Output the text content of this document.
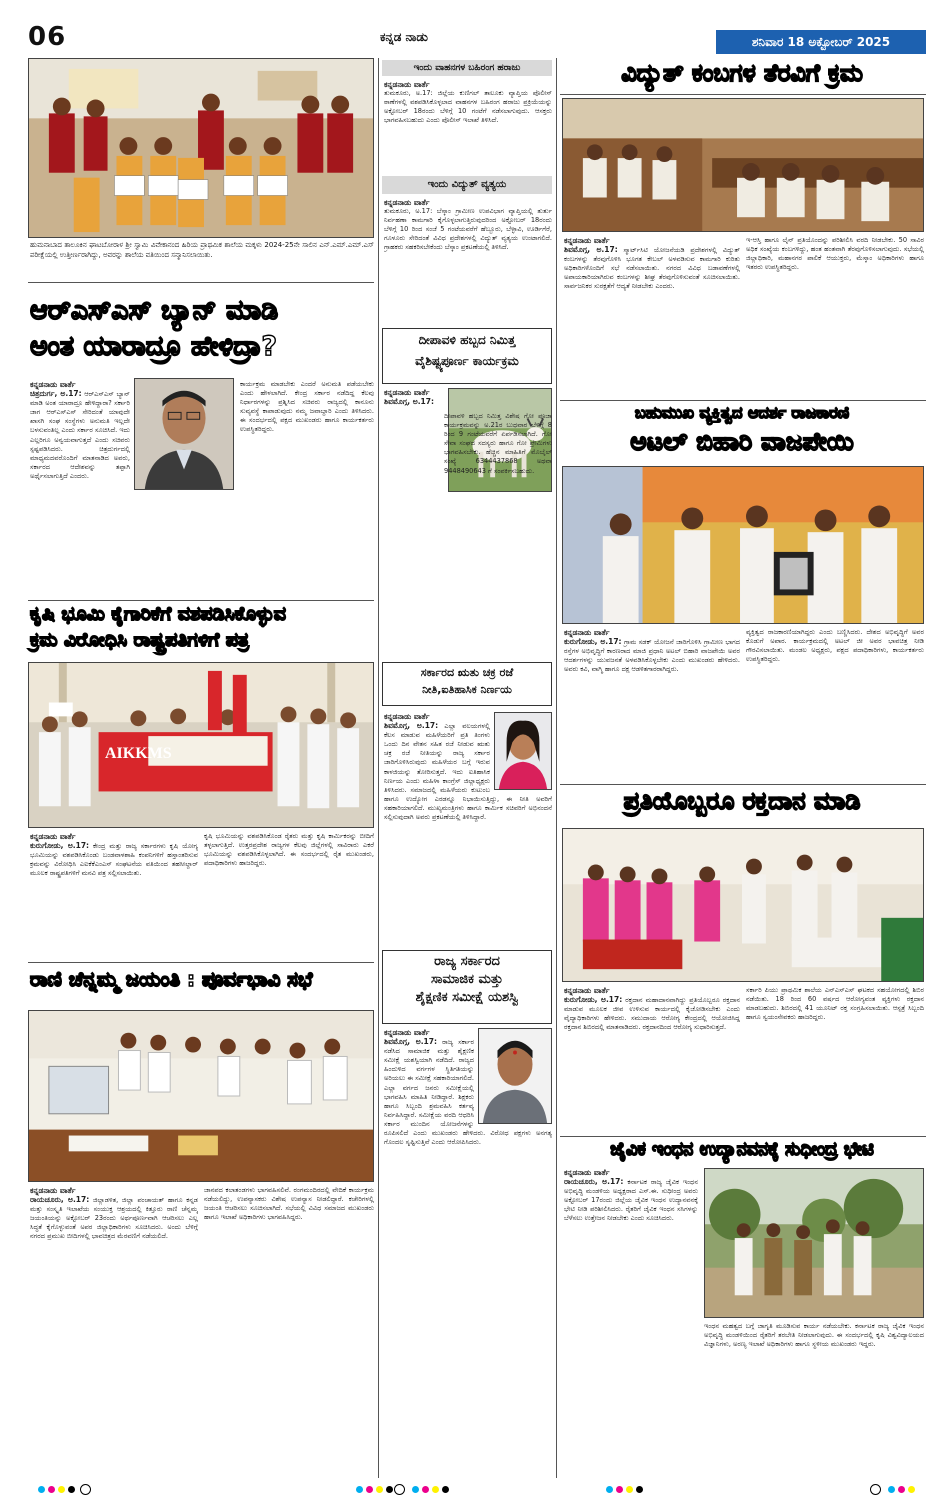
06	ಕನ್ನಡ ನಾಡು	ಶನಿವಾರ 18 ಅಕ್ಟೋಬರ್ 2025
ಹುಮನಾಬಾದ ತಾಲೂಕಿನ ಘಾಟಬೋರಾಳ ಶ್ರೀ ಸ್ವಾಮಿ ವಿವೇಕಾನಂದ ಹಿರಿಯ ಪ್ರಾಥಮಿಕ ಶಾಲೆಯ ಮಕ್ಕಳು 2024-25ನೇ ಸಾಲಿನ ಎನ್.ಎಮ್.ಎಮ್.ಎಸ್ ಪರೀಕ್ಷೆಯಲ್ಲಿ ಉತ್ತೀರ್ಣರಾಗಿದ್ದು, ಅವರನ್ನು ಶಾಲೆಯ ವತಿಯಿಂದ ಸನ್ಮಾನಿಸಲಾಯಿತು.
ಆರ್‌ಎಸ್‌ಎಸ್ ಬ್ಯಾನ್ ಮಾಡಿ
ಅಂತ ಯಾರಾದ್ರೂ ಹೇಳಿದ್ರಾ?
ಕನ್ನಡನಾಡು ವಾರ್ತೆ
ಚಿತ್ರದುರ್ಗ, ಅ.17: ಆರ್‌ಎಸ್‌ಎಸ್ ಬ್ಯಾನ್ ಮಾಡಿ ಅಂತ ಯಾರಾದ್ರೂ ಹೇಳಿದ್ದಾರಾ? ಸರ್ಕಾರಿ ಜಾಗ ಆರ್‌ಎಸ್‌ಎಸ್ ಸೇರಿದಂತೆ ಯಾವುದೇ ಖಾಸಗಿ ಸಂಘ ಸಂಸ್ಥೆಗಳು ಅನುಮತಿ ಇಲ್ಲದೇ ಬಳಸುವಂತಿಲ್ಲ ಎಂದು ಸರ್ಕಾರ ಸೂಚಿಸಿದೆ. ಇದು ಎಲ್ಲರಿಗೂ ಅನ್ವಯವಾಗುತ್ತದೆ ಎಂದು ಸಚಿವರು ಸ್ಪಷ್ಟಪಡಿಸಿದರು. ಚಿತ್ರದುರ್ಗದಲ್ಲಿ ಮಾಧ್ಯಮದವರೊಂದಿಗೆ ಮಾತನಾಡಿದ ಅವರು, ಸರ್ಕಾರದ ಆದೇಶವನ್ನು ತಪ್ಪಾಗಿ ಅರ್ಥೈಸಲಾಗುತ್ತಿದೆ ಎಂದರು.
ಕಾರ್ಯಕ್ರಮ ಮಾಡಬೇಕು ಎಂದರೆ ಅನುಮತಿ ಪಡೆಯಬೇಕು ಎಂದು ಹೇಳಲಾಗಿದೆ. ಕೇಂದ್ರ ಸರ್ಕಾರ ನಡೆದಿದ್ದ ಕೆಲವು ನಿರ್ಧಾರಗಳನ್ನು ಪ್ರಶ್ನಿಸಿದ ಸಚಿವರು ರಾಜ್ಯದಲ್ಲಿ ಕಾನೂನು ಸುವ್ಯವಸ್ಥೆ ಕಾಪಾಡುವುದು ನಮ್ಮ ಜವಾಬ್ದಾರಿ ಎಂದು ತಿಳಿಸಿದರು. ಈ ಸಂದರ್ಭದಲ್ಲಿ ಪಕ್ಷದ ಮುಖಂಡರು ಹಾಗೂ ಕಾರ್ಯಕರ್ತರು ಉಪಸ್ಥಿತರಿದ್ದರು.
ಕೃಷಿ ಭೂಮಿ ಕೈಗಾರಿಕೆಗೆ ವಶಪಡಿಸಿಕೊಳ್ಳುವ
ಕ್ರಮ ವಿರೋಧಿಸಿ ರಾಷ್ಟ್ರಪತಿಗಳಿಗೆ ಪತ್ರ
AIKKMS
ಕನ್ನಡನಾಡು ವಾರ್ತೆ
ಕುರುಗೋಡು, ಅ.17: ಕೇಂದ್ರ ಮತ್ತು ರಾಜ್ಯ ಸರ್ಕಾರಗಳು ಕೃಷಿ ಯೋಗ್ಯ ಭೂಮಿಯನ್ನು ವಶಪಡಿಸಿಕೊಂಡು ಬಂಡವಾಳಶಾಹಿ ಕಂಪನಿಗಳಿಗೆ ಹಸ್ತಾಂತರಿಸುವ ಕ್ರಮವನ್ನು ವಿರೋಧಿಸಿ ಎಐಕೆಕೆಎಂಎಸ್ ಸಂಘಟನೆಯ ವತಿಯಿಂದ ತಹಸೀಲ್ದಾರ್ ಮೂಲಕ ರಾಷ್ಟ್ರಪತಿಗಳಿಗೆ ಮನವಿ ಪತ್ರ ಸಲ್ಲಿಸಲಾಯಿತು.
ಕೃಷಿ ಭೂಮಿಯನ್ನು ವಶಪಡಿಸಿಕೊಂಡ ರೈತರು ಮತ್ತು ಕೃಷಿ ಕಾರ್ಮಿಕರನ್ನು ಬೀದಿಗೆ ತಳ್ಳಲಾಗುತ್ತಿದೆ. ಉತ್ತರಪ್ರದೇಶ ರಾಜ್ಯಗಳ ಕೆಲವು ಜಿಲ್ಲೆಗಳಲ್ಲಿ ಸಾವಿರಾರು ಎಕರೆ ಭೂಮಿಯನ್ನು ವಶಪಡಿಸಿಕೊಳ್ಳಲಾಗಿದೆ. ಈ ಸಂದರ್ಭದಲ್ಲಿ ರೈತ ಮುಖಂಡರು, ಪದಾಧಿಕಾರಿಗಳು ಹಾಜರಿದ್ದರು.
ರಾಣಿ ಚೆನ್ನಮ್ಮ ಜಯಂತಿ : ಪೂರ್ವಭಾವಿ ಸಭೆ
ಕನ್ನಡನಾಡು ವಾರ್ತೆ
ರಾಯಚೂರು, ಅ.17: ಜಿಲ್ಲಾಡಳಿತ, ಜಿಲ್ಲಾ ಪಂಚಾಯತ್ ಹಾಗೂ ಕನ್ನಡ ಮತ್ತು ಸಂಸ್ಕೃತಿ ಇಲಾಖೆಯ ಸಂಯುಕ್ತ ಆಶ್ರಯದಲ್ಲಿ ಕಿತ್ತೂರು ರಾಣಿ ಚೆನ್ನಮ್ಮ ಜಯಂತಿಯನ್ನು ಅಕ್ಟೋಬರ್ 23ರಂದು ಅರ್ಥಪೂರ್ಣವಾಗಿ ಆಚರಿಸಲು ಎಲ್ಲ ಸಿದ್ಧತೆ ಕೈಗೊಳ್ಳುವಂತೆ ಅಪರ ಜಿಲ್ಲಾಧಿಕಾರಿಗಳು ಸೂಚಿಸಿದರು. ಅಂದು ಬೆಳಿಗ್ಗೆ ನಗರದ ಪ್ರಮುಖ ಬೀದಿಗಳಲ್ಲಿ ಭಾವಚಿತ್ರದ ಮೆರವಣಿಗೆ ನಡೆಯಲಿದೆ.
ಜಾನಪದ ಕಲಾತಂಡಗಳು ಭಾಗವಹಿಸಲಿವೆ. ರಂಗಮಂದಿರದಲ್ಲಿ ವೇದಿಕೆ ಕಾರ್ಯಕ್ರಮ ನಡೆಯಲಿದ್ದು, ಉಪನ್ಯಾಸಕರು ವಿಶೇಷ ಉಪನ್ಯಾಸ ನೀಡಲಿದ್ದಾರೆ. ಕಚೇರಿಗಳಲ್ಲಿ ಜಯಂತಿ ಆಚರಿಸಲು ಸೂಚಿಸಲಾಗಿದೆ. ಸಭೆಯಲ್ಲಿ ವಿವಿಧ ಸಮಾಜದ ಮುಖಂಡರು ಹಾಗೂ ಇಲಾಖೆ ಅಧಿಕಾರಿಗಳು ಭಾಗವಹಿಸಿದ್ದರು.
ಇಂದು ವಾಹನಗಳ ಬಹಿರಂಗ ಹರಾಜು
ಕನ್ನಡನಾಡು ವಾರ್ತೆ
ತುಮಕೂರು, ಅ.17: ಜಿಲ್ಲೆಯ ಕುಣಿಗಲ್ ತಾಲೂಕು ವ್ಯಾಪ್ತಿಯ ಪೊಲೀಸ್ ಠಾಣೆಗಳಲ್ಲಿ ವಶಪಡಿಸಿಕೊಳ್ಳಲಾದ ವಾಹನಗಳ ಬಹಿರಂಗ ಹರಾಜು ಪ್ರಕ್ರಿಯೆಯನ್ನು ಅಕ್ಟೋಬರ್ 18ರಂದು ಬೆಳಿಗ್ಗೆ 10 ಗಂಟೆಗೆ ನಡೆಸಲಾಗುವುದು. ಆಸಕ್ತರು ಭಾಗವಹಿಸಬಹುದು ಎಂದು ಪೊಲೀಸ್ ಇಲಾಖೆ ತಿಳಿಸಿದೆ.
ಇಂದು ವಿದ್ಯುತ್ ವ್ಯತ್ಯಯ
ಕನ್ನಡನಾಡು ವಾರ್ತೆ
ತುಮಕೂರು, ಅ.17: ಬೆಸ್ಕಾಂ ಗ್ರಾಮೀಣ ಉಪವಿಭಾಗ ವ್ಯಾಪ್ತಿಯಲ್ಲಿ ತುರ್ತು ನಿರ್ವಹಣಾ ಕಾಮಗಾರಿ ಕೈಗೊಳ್ಳಲಾಗುತ್ತಿರುವುದರಿಂದ ಅಕ್ಟೋಬರ್ 18ರಂದು ಬೆಳಿಗ್ಗೆ 10 ರಿಂದ ಸಂಜೆ 5 ಗಂಟೆಯವರೆಗೆ ಹೆಬ್ಬೂರು, ಬೆಳ್ಳಾವಿ, ಊರ್ಡಿಗೆರೆ, ಗೂಳೂರು ಸೇರಿದಂತೆ ವಿವಿಧ ಪ್ರದೇಶಗಳಲ್ಲಿ ವಿದ್ಯುತ್ ವ್ಯತ್ಯಯ ಉಂಟಾಗಲಿದೆ. ಗ್ರಾಹಕರು ಸಹಕರಿಸಬೇಕೆಂದು ಬೆಸ್ಕಾಂ ಪ್ರಕಟಣೆಯಲ್ಲಿ ತಿಳಿಸಿದೆ.
ದೀಪಾವಳಿ ಹಬ್ಬದ ನಿಮಿತ್ತ
ವೈಶಿಷ್ಟ್ಯಪೂರ್ಣ ಕಾರ್ಯಕ್ರಮ
ಕನ್ನಡನಾಡು ವಾರ್ತೆ
ಶಿವಮೊಗ್ಗ, ಅ.17:
ದೀಪಾವಳಿ ಹಬ್ಬದ ನಿಮಿತ್ತ ವಿಶೇಷ ಗೋ ಪೂಜಾ ಕಾರ್ಯಕ್ರಮವನ್ನು ಅ.21ರ ಬುಧವಾರ ಬೆಳಿಗ್ಗೆ 8 ರಿಂದ 9 ಗಂಟೆಯವರೆಗೆ ಏರ್ಪಡಿಸಲಾಗಿದೆ. ಗೋ ಸೇವಾ ಸಂಘದ ಸದಸ್ಯರು ಹಾಗೂ ಗೋ ಪ್ರೇಮಿಗಳು ಭಾಗವಹಿಸಬೇಕು. ಹೆಚ್ಚಿನ ಮಾಹಿತಿಗೆ ಮೊಬೈಲ್ ಸಂಖ್ಯೆ 6344437868 ಅಥವಾ 9448490643 ಗೆ ಸಂಪರ್ಕಿಸಬಹುದು.
ಸರ್ಕಾರದ ಋತು ಚಕ್ರ ರಜೆ
ನೀತಿ,ಐತಿಹಾಸಿಕ ನಿರ್ಣಯ
ಕನ್ನಡನಾಡು ವಾರ್ತೆ
ಶಿವಮೊಗ್ಗ, ಅ.17: ಎಲ್ಲಾ ವಲಯಗಳಲ್ಲಿ ಕೆಲಸ ಮಾಡುವ ಮಹಿಳೆಯರಿಗೆ ಪ್ರತಿ ತಿಂಗಳು ಒಂದು ದಿನ ವೇತನ ಸಹಿತ ರಜೆ ನೀಡುವ ಋತು ಚಕ್ರ ರಜೆ ನೀತಿಯನ್ನು ರಾಜ್ಯ ಸರ್ಕಾರ ಜಾರಿಗೊಳಿಸಿರುವುದು ಮಹಿಳೆಯರ ಬಗ್ಗೆ ಇರುವ ಕಾಳಜಿಯನ್ನು ತೋರಿಸುತ್ತದೆ. ಇದು ಐತಿಹಾಸಿಕ ನಿರ್ಣಯ ಎಂದು ಮಹಿಳಾ ಕಾಂಗ್ರೆಸ್ ಜಿಲ್ಲಾಧ್ಯಕ್ಷರು ತಿಳಿಸಿದರು. ಸಮಾಜದಲ್ಲಿ ಮಹಿಳೆಯರು ಕುಟುಂಬ ಹಾಗೂ ಉದ್ಯೋಗ ಎರಡನ್ನೂ ನಿಭಾಯಿಸುತ್ತಿದ್ದು, ಈ ನೀತಿ ಅವರಿಗೆ ಸಹಕಾರಿಯಾಗಲಿದೆ. ಮುಖ್ಯಮಂತ್ರಿಗಳು ಹಾಗೂ ಕಾರ್ಮಿಕ ಸಚಿವರಿಗೆ ಅಭಿನಂದನೆ ಸಲ್ಲಿಸುವುದಾಗಿ ಅವರು ಪ್ರಕಟಣೆಯಲ್ಲಿ ತಿಳಿಸಿದ್ದಾರೆ.
ರಾಜ್ಯ ಸರ್ಕಾರದ
ಸಾಮಾಜಿಕ ಮತ್ತು
ಶೈಕ್ಷಣಿಕ ಸಮೀಕ್ಷೆ ಯಶಸ್ವಿ
ಕನ್ನಡನಾಡು ವಾರ್ತೆ
ಶಿವಮೊಗ್ಗ, ಅ.17: ರಾಜ್ಯ ಸರ್ಕಾರ ನಡೆಸಿದ ಸಾಮಾಜಿಕ ಮತ್ತು ಶೈಕ್ಷಣಿಕ ಸಮೀಕ್ಷೆ ಯಶಸ್ವಿಯಾಗಿ ನಡೆದಿದೆ. ರಾಜ್ಯದ ಹಿಂದುಳಿದ ವರ್ಗಗಳ ಸ್ಥಿತಿಗತಿಯನ್ನು ಅರಿಯಲು ಈ ಸಮೀಕ್ಷೆ ಸಹಕಾರಿಯಾಗಲಿದೆ. ಎಲ್ಲಾ ವರ್ಗದ ಜನರು ಸಮೀಕ್ಷೆಯಲ್ಲಿ ಭಾಗವಹಿಸಿ ಮಾಹಿತಿ ನೀಡಿದ್ದಾರೆ. ಶಿಕ್ಷಕರು ಹಾಗೂ ಸಿಬ್ಬಂದಿ ಶ್ರಮವಹಿಸಿ ಕರ್ತವ್ಯ ನಿರ್ವಹಿಸಿದ್ದಾರೆ. ಸಮೀಕ್ಷೆಯ ವರದಿ ಆಧರಿಸಿ ಸರ್ಕಾರ ಮುಂದಿನ ಯೋಜನೆಗಳನ್ನು ರೂಪಿಸಲಿದೆ ಎಂದು ಮುಖಂಡರು ಹೇಳಿದರು. ವಿರೋಧ ಪಕ್ಷಗಳು ಅನಗತ್ಯ ಗೊಂದಲ ಸೃಷ್ಟಿಸುತ್ತಿವೆ ಎಂದು ಆರೋಪಿಸಿದರು.
ವಿದ್ಯುತ್ ಕಂಬಗಳ ತೆರವಿಗೆ ಕ್ರಮ
ಕನ್ನಡನಾಡು ವಾರ್ತೆ
ಶಿವಮೊಗ್ಗ, ಅ.17: ಸ್ಮಾರ್ಟ್‌ಸಿಟಿ ಯೋಜನೆಯಡಿ ಪ್ರದೇಶಗಳಲ್ಲಿ ವಿದ್ಯುತ್ ಕಂಬಗಳನ್ನು ತೆರವುಗೊಳಿಸಿ ಭೂಗತ ಕೇಬಲ್ ಅಳವಡಿಸುವ ಕಾಮಗಾರಿ ಕುರಿತು ಅಧಿಕಾರಿಗಳೊಂದಿಗೆ ಸಭೆ ನಡೆಸಲಾಯಿತು. ನಗರದ ವಿವಿಧ ಬಡಾವಣೆಗಳಲ್ಲಿ ಅಪಾಯಕಾರಿಯಾಗಿರುವ ಕಂಬಗಳನ್ನು ಶೀಘ್ರ ತೆರವುಗೊಳಿಸುವಂತೆ ಸೂಚಿಸಲಾಯಿತು. ಸಾರ್ವಜನಿಕರ ಸುರಕ್ಷತೆಗೆ ಆದ್ಯತೆ ನೀಡಬೇಕು ಎಂದರು.
ಇ-ಆಸ್ತಿ ಹಾಗೂ ಲೈನ್ ಪ್ರತಿಯೊಂದನ್ನು ಪರಿಶೀಲಿಸಿ ವರದಿ ನೀಡಬೇಕು. 50 ಸಾವಿರ ಅಧಿಕ ಸಂಖ್ಯೆಯ ಕಂಬಗಳಿದ್ದು, ಹಂತ ಹಂತವಾಗಿ ತೆರವುಗೊಳಿಸಲಾಗುವುದು. ಸಭೆಯಲ್ಲಿ ಜಿಲ್ಲಾಧಿಕಾರಿ, ಮಹಾನಗರ ಪಾಲಿಕೆ ಆಯುಕ್ತರು, ಮೆಸ್ಕಾಂ ಅಧಿಕಾರಿಗಳು ಹಾಗೂ ಇತರರು ಉಪಸ್ಥಿತರಿದ್ದರು.
ಬಹುಮುಖ ವ್ಯಕ್ತಿತ್ವದ ಆದರ್ಶ ರಾಜಕಾರಣಿ
ಅಟಲ್ ಬಿಹಾರಿ ವಾಜಪೇಯಿ
ಕನ್ನಡನಾಡು ವಾರ್ತೆ
ಕುರುಗೋಡು, ಅ.17: ಗ್ರಾಮ ಸಡಕ್ ಯೋಜನೆ ಜಾರಿಗೊಳಿಸಿ ಗ್ರಾಮೀಣ ಭಾಗದ ರಸ್ತೆಗಳ ಅಭಿವೃದ್ಧಿಗೆ ಕಾರಣರಾದ ಮಾಜಿ ಪ್ರಧಾನಿ ಅಟಲ್ ಬಿಹಾರಿ ವಾಜಪೇಯಿ ಅವರ ಆದರ್ಶಗಳನ್ನು ಯುವಜನತೆ ಅಳವಡಿಸಿಕೊಳ್ಳಬೇಕು ಎಂದು ಮುಖಂಡರು ಹೇಳಿದರು. ಅವರು ಕವಿ, ವಾಗ್ಮಿ ಹಾಗೂ ದಕ್ಷ ಆಡಳಿತಗಾರರಾಗಿದ್ದರು.
ವ್ಯಕ್ತಿತ್ವದ ರಾಜಕಾರಣಿಯಾಗಿದ್ದರು ಎಂದು ಬಣ್ಣಿಸಿದರು. ದೇಶದ ಅಭಿವೃದ್ಧಿಗೆ ಅವರ ಕೊಡುಗೆ ಅಪಾರ. ಕಾರ್ಯಕ್ರಮದಲ್ಲಿ ಅಟಲ್ ಜೀ ಅವರ ಭಾವಚಿತ್ರ ನೀಡಿ ಗೌರವಿಸಲಾಯಿತು. ಮಂಡಲ ಅಧ್ಯಕ್ಷರು, ಪಕ್ಷದ ಪದಾಧಿಕಾರಿಗಳು, ಕಾರ್ಯಕರ್ತರು ಉಪಸ್ಥಿತರಿದ್ದರು.
ಪ್ರತಿಯೊಬ್ಬರೂ ರಕ್ತದಾನ ಮಾಡಿ
ಕನ್ನಡನಾಡು ವಾರ್ತೆ
ಕುರುಗೋಡು, ಅ.17: ರಕ್ತದಾನ ಮಹಾದಾನವಾಗಿದ್ದು ಪ್ರತಿಯೊಬ್ಬರೂ ರಕ್ತದಾನ ಮಾಡುವ ಮೂಲಕ ಜೀವ ಉಳಿಸುವ ಕಾರ್ಯದಲ್ಲಿ ಕೈಜೋಡಿಸಬೇಕು ಎಂದು ವೈದ್ಯಾಧಿಕಾರಿಗಳು ಹೇಳಿದರು. ಸಮುದಾಯ ಆರೋಗ್ಯ ಕೇಂದ್ರದಲ್ಲಿ ಆಯೋಜಿಸಿದ್ದ ರಕ್ತದಾನ ಶಿಬಿರದಲ್ಲಿ ಮಾತನಾಡಿದರು. ರಕ್ತದಾನದಿಂದ ಆರೋಗ್ಯ ಸುಧಾರಿಸುತ್ತದೆ.
ಸರ್ಕಾರಿ ಪಿಯು ಪ್ರಾಥಮಿಕ ಶಾಲೆಯ ಎನ್‌ಎಸ್‌ಎಸ್ ಘಟಕದ ಸಹಯೋಗದಲ್ಲಿ ಶಿಬಿರ ನಡೆಯಿತು. 18 ರಿಂದ 60 ವರ್ಷದ ಆರೋಗ್ಯವಂತ ವ್ಯಕ್ತಿಗಳು ರಕ್ತದಾನ ಮಾಡಬಹುದು. ಶಿಬಿರದಲ್ಲಿ 41 ಯೂನಿಟ್ ರಕ್ತ ಸಂಗ್ರಹಿಸಲಾಯಿತು. ಆಸ್ಪತ್ರೆ ಸಿಬ್ಬಂದಿ ಹಾಗೂ ಸ್ವಯಂಸೇವಕರು ಹಾಜರಿದ್ದರು.
ಜೈವಿಕ ಇಂಧನ ಉದ್ಯಾನವನಕ್ಕೆ ಸುಧೀಂದ್ರ ಭೇಟಿ
ಕನ್ನಡನಾಡು ವಾರ್ತೆ
ರಾಯಚೂರು, ಅ.17: ಕರ್ನಾಟಕ ರಾಜ್ಯ ಜೈವಿಕ ಇಂಧನ ಅಭಿವೃದ್ಧಿ ಮಂಡಳಿಯ ಅಧ್ಯಕ್ಷರಾದ ಎಸ್.ಈ. ಸುಧೀಂದ್ರ ಅವರು ಅಕ್ಟೋಬರ್ 17ರಂದು ಜಿಲ್ಲೆಯ ಜೈವಿಕ ಇಂಧನ ಉದ್ಯಾನವನಕ್ಕೆ ಭೇಟಿ ನೀಡಿ ಪರಿಶೀಲಿಸಿದರು. ರೈತರಿಗೆ ಜೈವಿಕ ಇಂಧನ ಸಸಿಗಳನ್ನು ಬೆಳೆಸಲು ಉತ್ತೇಜನ ನೀಡಬೇಕು ಎಂದು ಸೂಚಿಸಿದರು.
ಇಂಧನ ಮಹತ್ವದ ಬಗ್ಗೆ ಜಾಗೃತಿ ಮೂಡಿಸುವ ಕಾರ್ಯ ನಡೆಯಬೇಕು. ಕರ್ನಾಟಕ ರಾಜ್ಯ ಜೈವಿಕ ಇಂಧನ ಅಭಿವೃದ್ಧಿ ಮಂಡಳಿಯಿಂದ ರೈತರಿಗೆ ತರಬೇತಿ ನೀಡಲಾಗುವುದು. ಈ ಸಂದರ್ಭದಲ್ಲಿ ಕೃಷಿ ವಿಶ್ವವಿದ್ಯಾಲಯದ ವಿಜ್ಞಾನಿಗಳು, ಅರಣ್ಯ ಇಲಾಖೆ ಅಧಿಕಾರಿಗಳು ಹಾಗೂ ಸ್ಥಳೀಯ ಮುಖಂಡರು ಇದ್ದರು.
